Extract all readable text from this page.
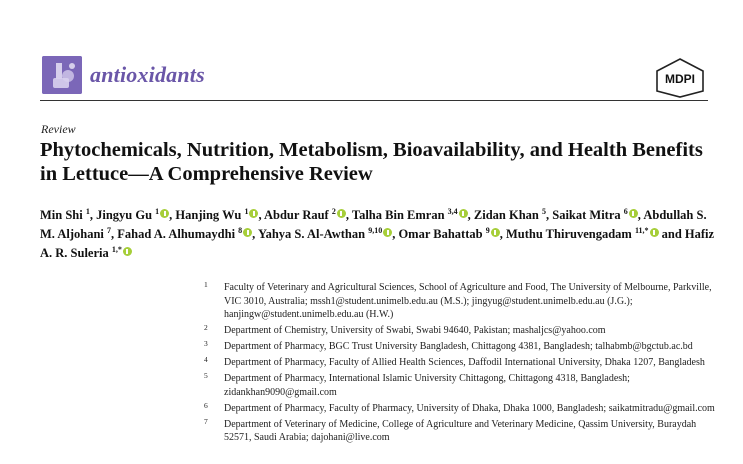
antioxidants	MDPI
Review
Phytochemicals, Nutrition, Metabolism, Bioavailability, and Health Benefits in Lettuce—A Comprehensive Review

Min Shi $^1$, Jingyu Gu $^1$ , Hanjing Wu $^1$ , Abdur Rauf $^2$ , Talha Bin Emran $^{3,4}$ , Zidan Khan $^5$, Saikat Mitra $^6$ , Abdullah S. M. Aljohani $^7$, Fahad A. Alhumaydhi $^8$ , Yahya S. Al-Awthan $^{9,10}$ , Omar Bahattab $^9$ , Muthu Thiruvengadam $^{11,*}$ and Hafiz A. R. Suleria $^{1,*}$

1 Faculty of Veterinary and Agricultural Sciences, School of Agriculture and Food, The University of Melbourne, Parkville, VIC 3010, Australia; mssh1@student.unimelb.edu.au (M.S.); jingyug@student.unimelb.edu.au (J.G.); hanjingw@student.unimelb.edu.au (H.W.)
2 Department of Chemistry, University of Swabi, Swabi 94640, Pakistan; mashaljcs@yahoo.com
3 Department of Pharmacy, BGC Trust University Bangladesh, Chittagong 4381, Bangladesh; talhabmb@bgctub.ac.bd
4 Department of Pharmacy, Faculty of Allied Health Sciences, Daffodil International University, Dhaka 1207, Bangladesh
5 Department of Pharmacy, International Islamic University Chittagong, Chittagong 4318, Bangladesh; zidankhan9090@gmail.com
6 Department of Pharmacy, Faculty of Pharmacy, University of Dhaka, Dhaka 1000, Bangladesh; saikatmitradu@gmail.com
7 Department of Veterinary of Medicine, College of Agriculture and Veterinary Medicine, Qassim University, Buraydah 52571, Saudi Arabia; dajohani@live.com
